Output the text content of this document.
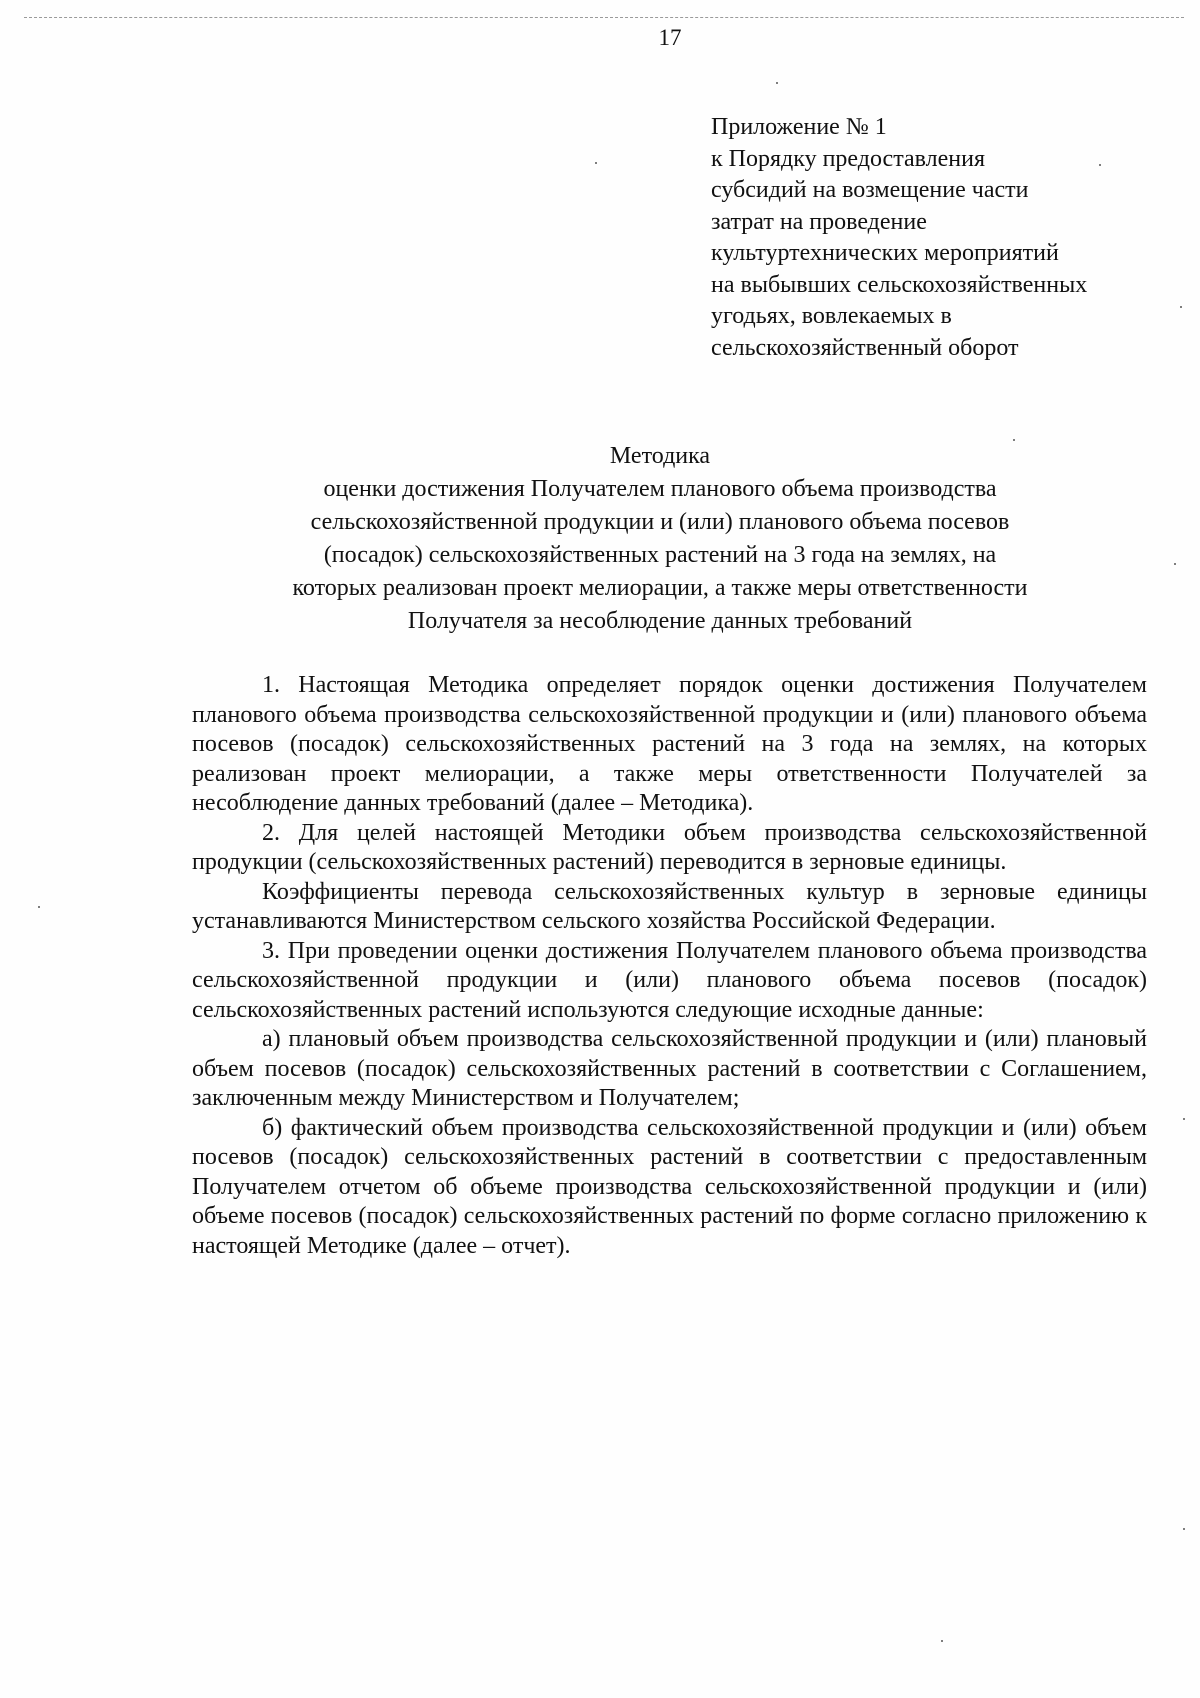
17
Приложение № 1
к Порядку предоставления
субсидий на возмещение части
затрат на проведение
культуртехнических мероприятий
на выбывших сельскохозяйственных
угодьях, вовлекаемых в
сельскохозяйственный оборот
Методика
оценки достижения Получателем планового объема производства
сельскохозяйственной продукции и (или) планового объема посевов
(посадок) сельскохозяйственных растений на 3 года на землях, на
которых реализован проект мелиорации, а также меры ответственности
Получателя за несоблюдение данных требований

1. Настоящая Методика определяет порядок оценки достижения Получателем планового объема производства сельскохозяйственной продукции и (или) планового объема посевов (посадок) сельскохозяйственных растений на 3 года на землях, на которых реализован проект мелиорации, а также меры ответственности Получателей за несоблюдение данных требований (далее – Методика).

2. Для целей настоящей Методики объем производства сельскохозяйственной продукции (сельскохозяйственных растений) переводится в зерновые единицы.

Коэффициенты перевода сельскохозяйственных культур в зерновые единицы устанавливаются Министерством сельского хозяйства Российской Федерации.

3. При проведении оценки достижения Получателем планового объема производства сельскохозяйственной продукции и (или) планового объема посевов (посадок) сельскохозяйственных растений используются следующие исходные данные:

а) плановый объем производства сельскохозяйственной продукции и (или) плановый объем посевов (посадок) сельскохозяйственных растений в соответствии с Соглашением, заключенным между Министерством и Получателем;

б) фактический объем производства сельскохозяйственной продукции и (или) объем посевов (посадок) сельскохозяйственных растений в соответствии с предоставленным Получателем отчетом об объеме производства сельскохозяйственной продукции и (или) объеме посевов (посадок) сельскохозяйственных растений по форме согласно приложению к настоящей Методике (далее – отчет).
